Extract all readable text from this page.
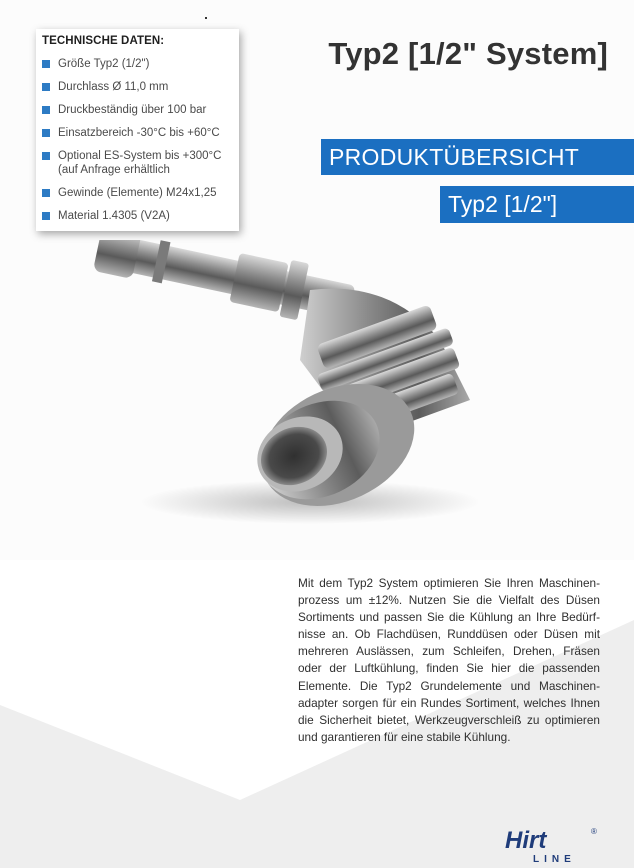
TECHNISCHE DATEN:
Größe Typ2 (1/2")
Durchlass Ø 11,0 mm
Druckbeständig über 100 bar
Einsatzbereich -30°C bis +60°C
Optional ES-System bis +300°C
(auf Anfrage erhältlich
Gewinde (Elemente) M24x1,25
Material 1.4305 (V2A)
Typ2 [1/2" System]
PRODUKTÜBERSICHT
Typ2 [1/2"]
Mit dem Typ2 System optimieren Sie Ihren Maschinen-prozess um ±12%. Nutzen Sie die Vielfalt des Düsen Sortiments und passen Sie die Kühlung an Ihre Bedürf-nisse an. Ob Flachdüsen, Runddüsen oder Düsen mit mehreren Auslässen, zum Schleifen, Drehen, Fräsen oder der Luftkühlung, finden Sie hier die passenden Elemente. Die Typ2 Grundelemente und Maschinen-adapter sorgen für ein Rundes Sortiment, welches Ihnen die Sicherheit bietet, Werkzeugverschleiß zu optimieren und garantieren für eine stabile Kühlung.
Hirt	®
LINE
